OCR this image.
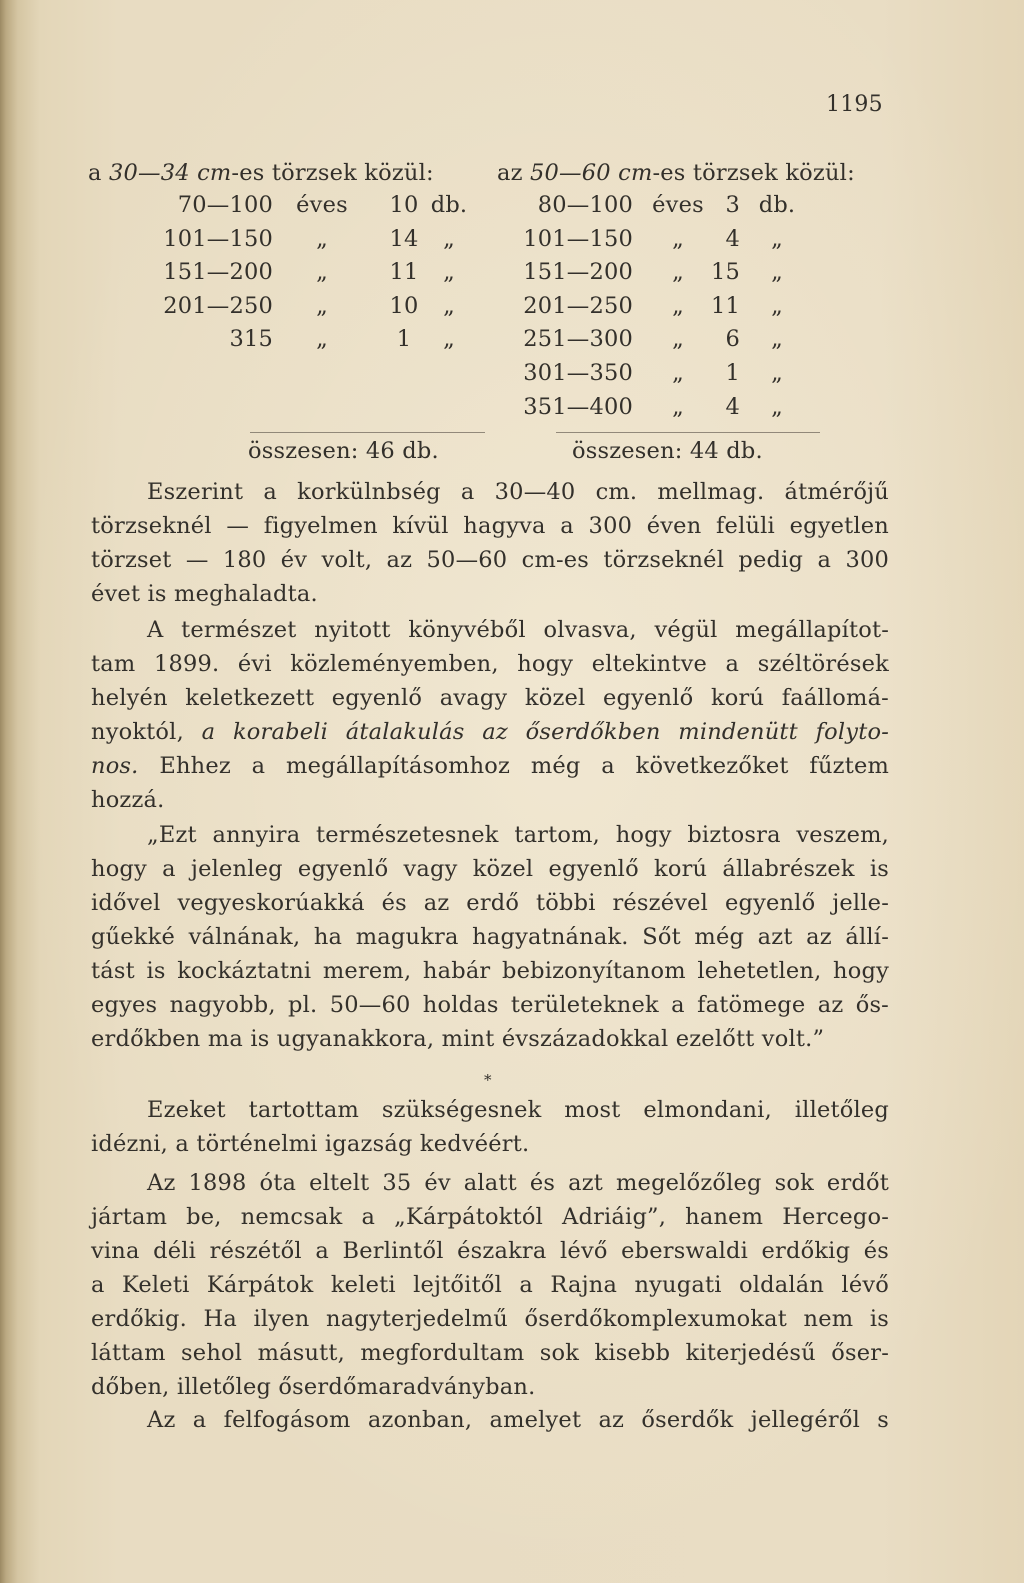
1195
a 30—34 cm-es törzsek közül:	az 50—60 cm-es törzsek közül:
70—100 éves 10 db.
101—150	„	14	„
151—200	„	11	„
201—250	„	10	„
315	„	1	„
80—100 éves 3 db.
101—150	„	4	„
151—200	„	15	„
201—250	„	11	„
251—300	„	6	„
301—350	„	1	„
351—400	„	4	„
összesen: 46 db.	összesen: 44 db.
Eszerint a korkülnbség a 30—40 cm. mellmag. átmérőjű
törzseknél — figyelmen kívül hagyva a 300 éven felüli egyetlen
törzset — 180 év volt, az 50—60 cm-es törzseknél pedig a 300
évet is meghaladta.
A természet nyitott könyvéből olvasva, végül megállapítot-
tam 1899. évi közleményemben, hogy eltekintve a széltörések
helyén keletkezett egyenlő avagy közel egyenlő korú faállomá-
nyoktól, a korabeli átalakulás az őserdőkben mindenütt folyto-
nos. Ehhez a megállapításomhoz még a következőket fűztem
hozzá.
„Ezt annyira természetesnek tartom, hogy biztosra veszem,
hogy a jelenleg egyenlő vagy közel egyenlő korú állabrészek is
idővel vegyeskorúakká és az erdő többi részével egyenlő jelle-
gűekké válnának, ha magukra hagyatnának. Sőt még azt az állí-
tást is kockáztatni merem, habár bebizonyítanom lehetetlen, hogy
egyes nagyobb, pl. 50—60 holdas területeknek a fatömege az ős-
erdőkben ma is ugyanakkora, mint évszázadokkal ezelőtt volt.”
*
Ezeket tartottam szükségesnek most elmondani, illetőleg
idézni, a történelmi igazság kedvéért.
Az 1898 óta eltelt 35 év alatt és azt megelőzőleg sok erdőt
jártam be, nemcsak a „Kárpátoktól Adriáig”, hanem Hercego-
vina déli részétől a Berlintől északra lévő eberswaldi erdőkig és
a Keleti Kárpátok keleti lejtőitől a Rajna nyugati oldalán lévő
erdőkig. Ha ilyen nagyterjedelmű őserdőkomplexumokat nem is
láttam sehol másutt, megfordultam sok kisebb kiterjedésű őser-
dőben, illetőleg őserdőmaradványban.
Az a felfogásom azonban, amelyet az őserdők jellegéről s
